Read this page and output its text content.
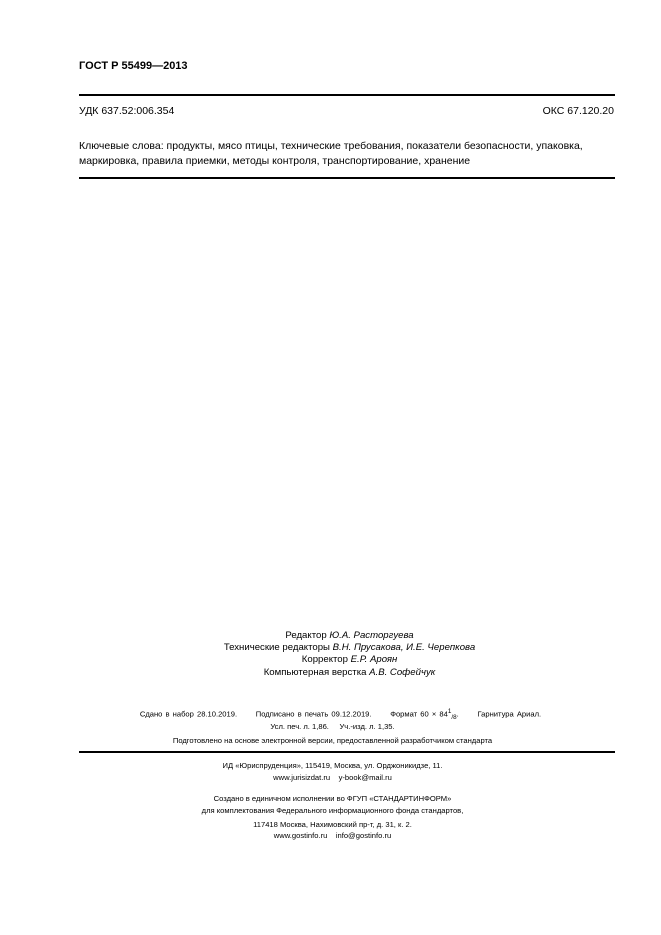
ГОСТ Р 55499—2013
УДК 637.52:006.354	ОКС 67.120.20
Ключевые слова: продукты, мясо птицы, технические требования, показатели безопасности, упаковка,
маркировка, правила приемки, методы контроля, транспортирование, хранение
Редактор Ю.А. Расторгуева
Технические редакторы В.Н. Прусакова, И.Е. Черепкова
Корректор Е.Р. Ароян
Компьютерная верстка А.В. Софейчук
Сдано в набор 28.10.2019. Подписано в печать 09.12.2019. Формат $60 \times 84^1_{/8}$. Гарнитура Ариал.
Усл. печ. л. 1,86. Уч.-изд. л. 1,35.
Подготовлено на основе электронной версии, предоставленной разработчиком стандарта
ИД «Юриспруденция», 115419, Москва, ул. Орджоникидзе, 11.
www.jurisizdat.ru y-book@mail.ru
Создано в единичном исполнении во ФГУП «СТАНДАРТИНФОРМ»
для комплектования Федерального информационного фонда стандартов,
117418 Москва, Нахимовский пр-т, д. 31, к. 2.
www.gostinfo.ru info@gostinfo.ru
